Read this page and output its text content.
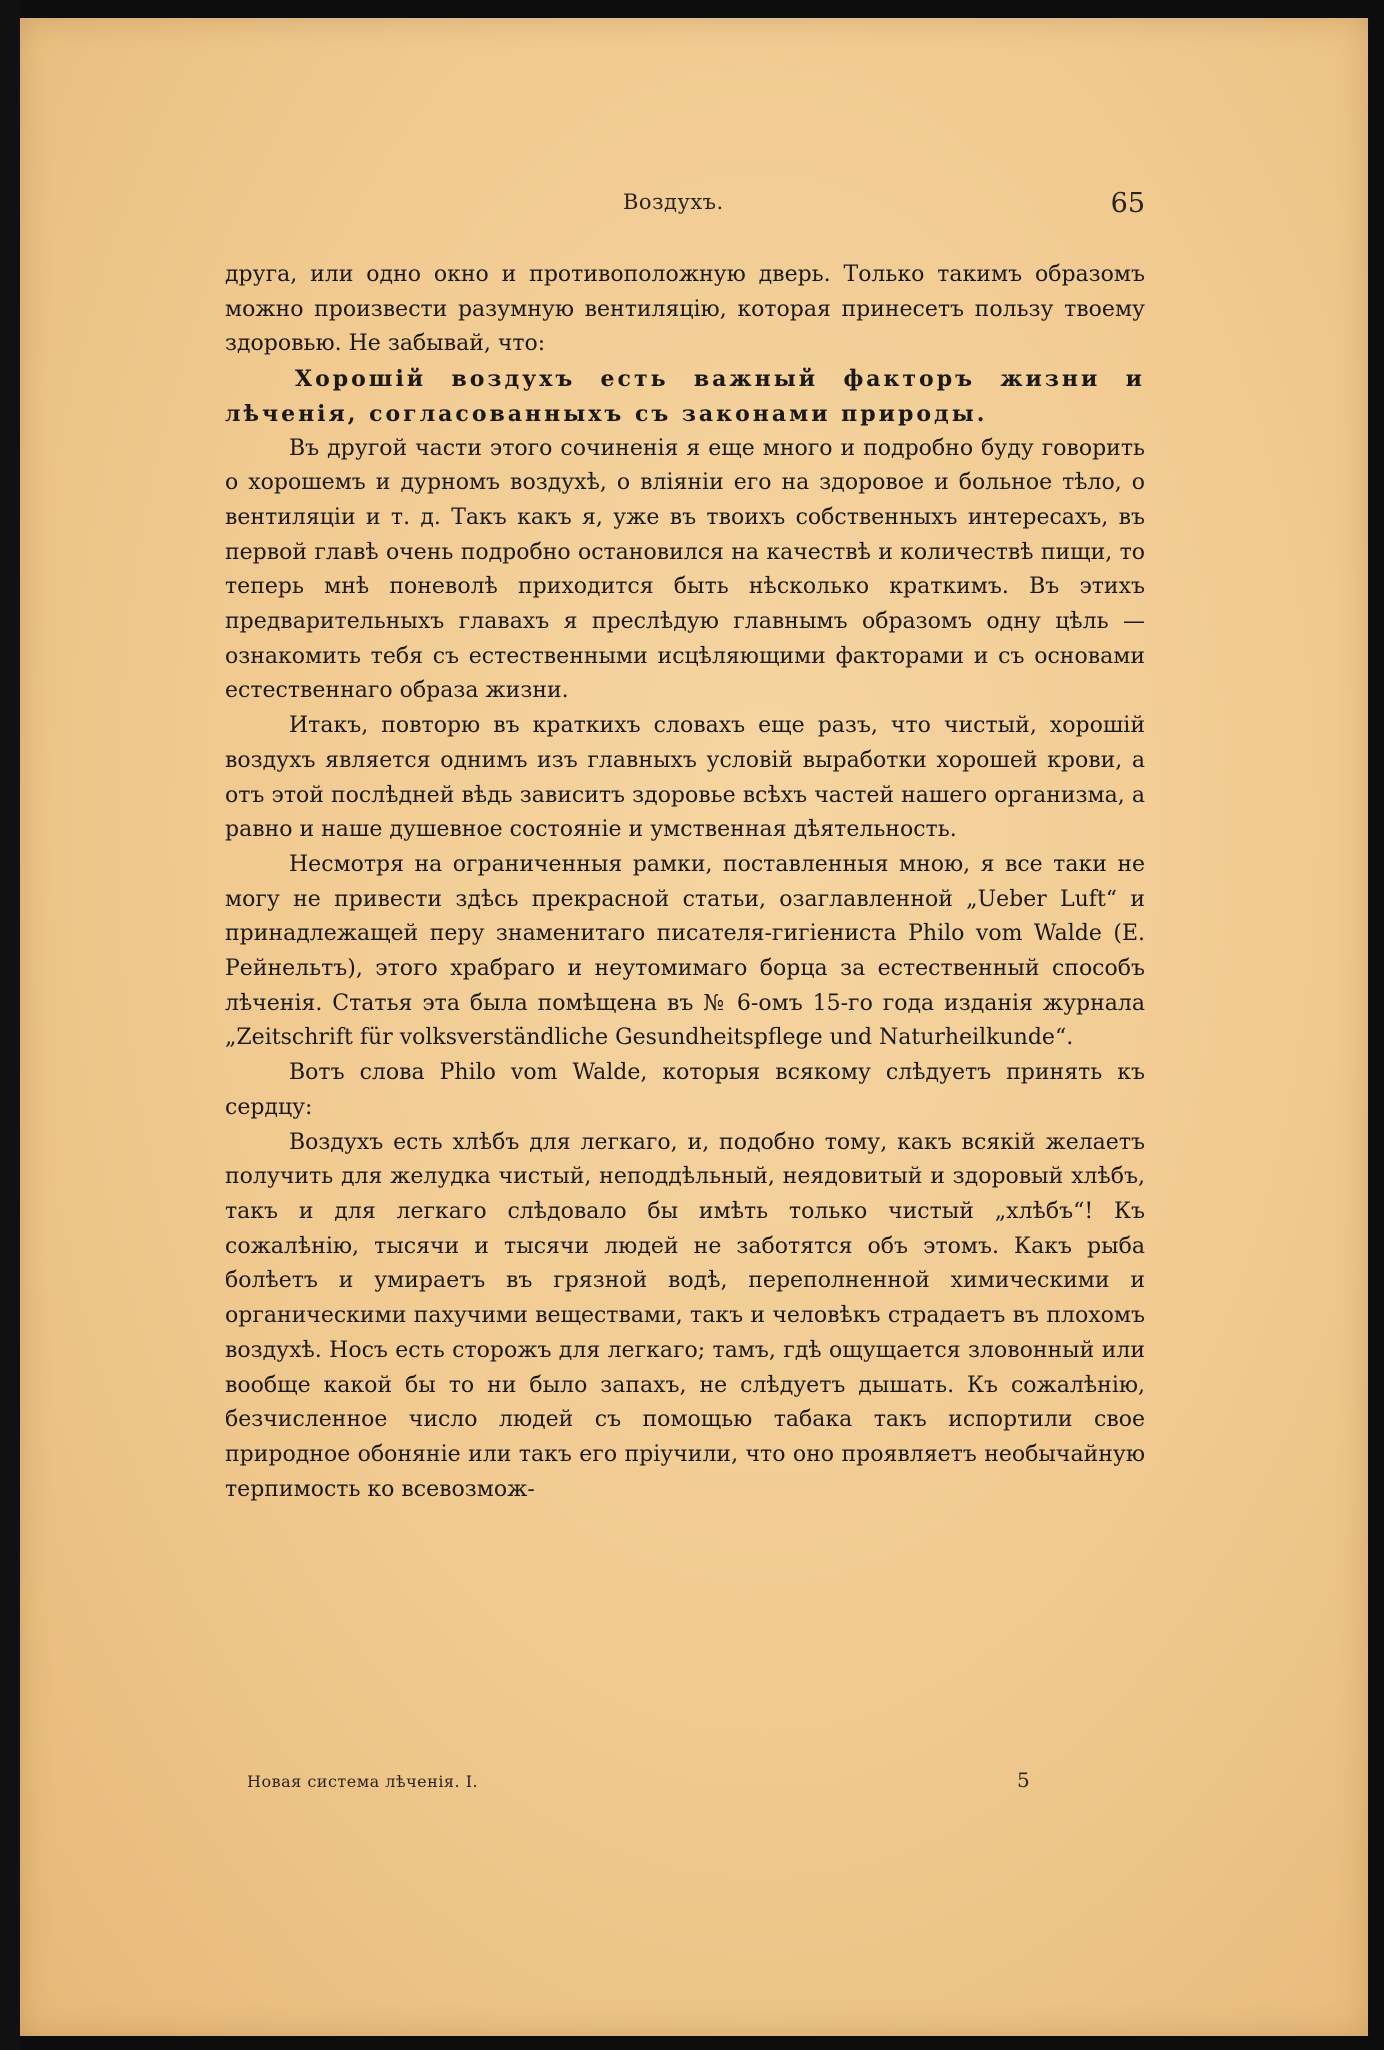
Воздухъ.	65

друга, или одно окно и противоположную дверь. Только такимъ образомъ можно произвести разумную вентиляцію, которая принесетъ пользу твоему здоровью. Не забывай, что:

Хорошій воздухъ есть важный факторъ жизни и лѣченія, согласованныхъ съ законами природы.

Въ другой части этого сочиненія я еще много и подробно буду говорить о хорошемъ и дурномъ воздухѣ, о вліяніи его на здоровое и больное тѣло, о вентиляціи и т. д. Такъ какъ я, уже въ твоихъ собственныхъ интересахъ, въ первой главѣ очень подробно остановился на качествѣ и количествѣ пищи, то теперь мнѣ поневолѣ приходится быть нѣсколько краткимъ. Въ этихъ предварительныхъ главахъ я преслѣдую главнымъ образомъ одну цѣль — ознакомить тебя съ естественными исцѣляющими факторами и съ основами естественнаго образа жизни.

Итакъ, повторю въ краткихъ словахъ еще разъ, что чистый, хорошій воздухъ является однимъ изъ главныхъ условій выработки хорошей крови, а отъ этой послѣдней вѣдь зависитъ здоровье всѣхъ частей нашего организма, а равно и наше душевное состояніе и умственная дѣятельность.

Несмотря на ограниченныя рамки, поставленныя мною, я все таки не могу не привести здѣсь прекрасной статьи, озаглавленной „Ueber Luft“ и принадлежащей перу знаменитаго писателя-гигіениста Philo vom Walde (Е. Рейнельтъ), этого храбраго и неутомимаго борца за естественный способъ лѣченія. Статья эта была помѣщена въ № 6-омъ 15-го года изданія журнала „Zeitschrift für volksverständliche Gesundheitspflege und Naturheilkunde“.

Вотъ слова Philo vom Walde, которыя всякому слѣдуетъ принять къ сердцу:

Воздухъ есть хлѣбъ для легкаго, и, подобно тому, какъ всякій желаетъ получить для желудка чистый, неподдѣльный, неядовитый и здоровый хлѣбъ, такъ и для легкаго слѣдовало бы имѣть только чистый „хлѣбъ“! Къ сожалѣнію, тысячи и тысячи людей не заботятся объ этомъ. Какъ рыба болѣетъ и умираетъ въ грязной водѣ, переполненной химическими и органическими пахучими веществами, такъ и человѣкъ страдаетъ въ плохомъ воздухѣ. Носъ есть сторожъ для легкаго; тамъ, гдѣ ощущается зловонный или вообще какой бы то ни было запахъ, не слѣдуетъ дышать. Къ сожалѣнію, безчисленное число людей съ помощью табака такъ испортили свое природное обоняніе или такъ его пріучили, что оно проявляетъ необычайную терпимость ко всевозмож-

Новая система лѣченія. I.	5
